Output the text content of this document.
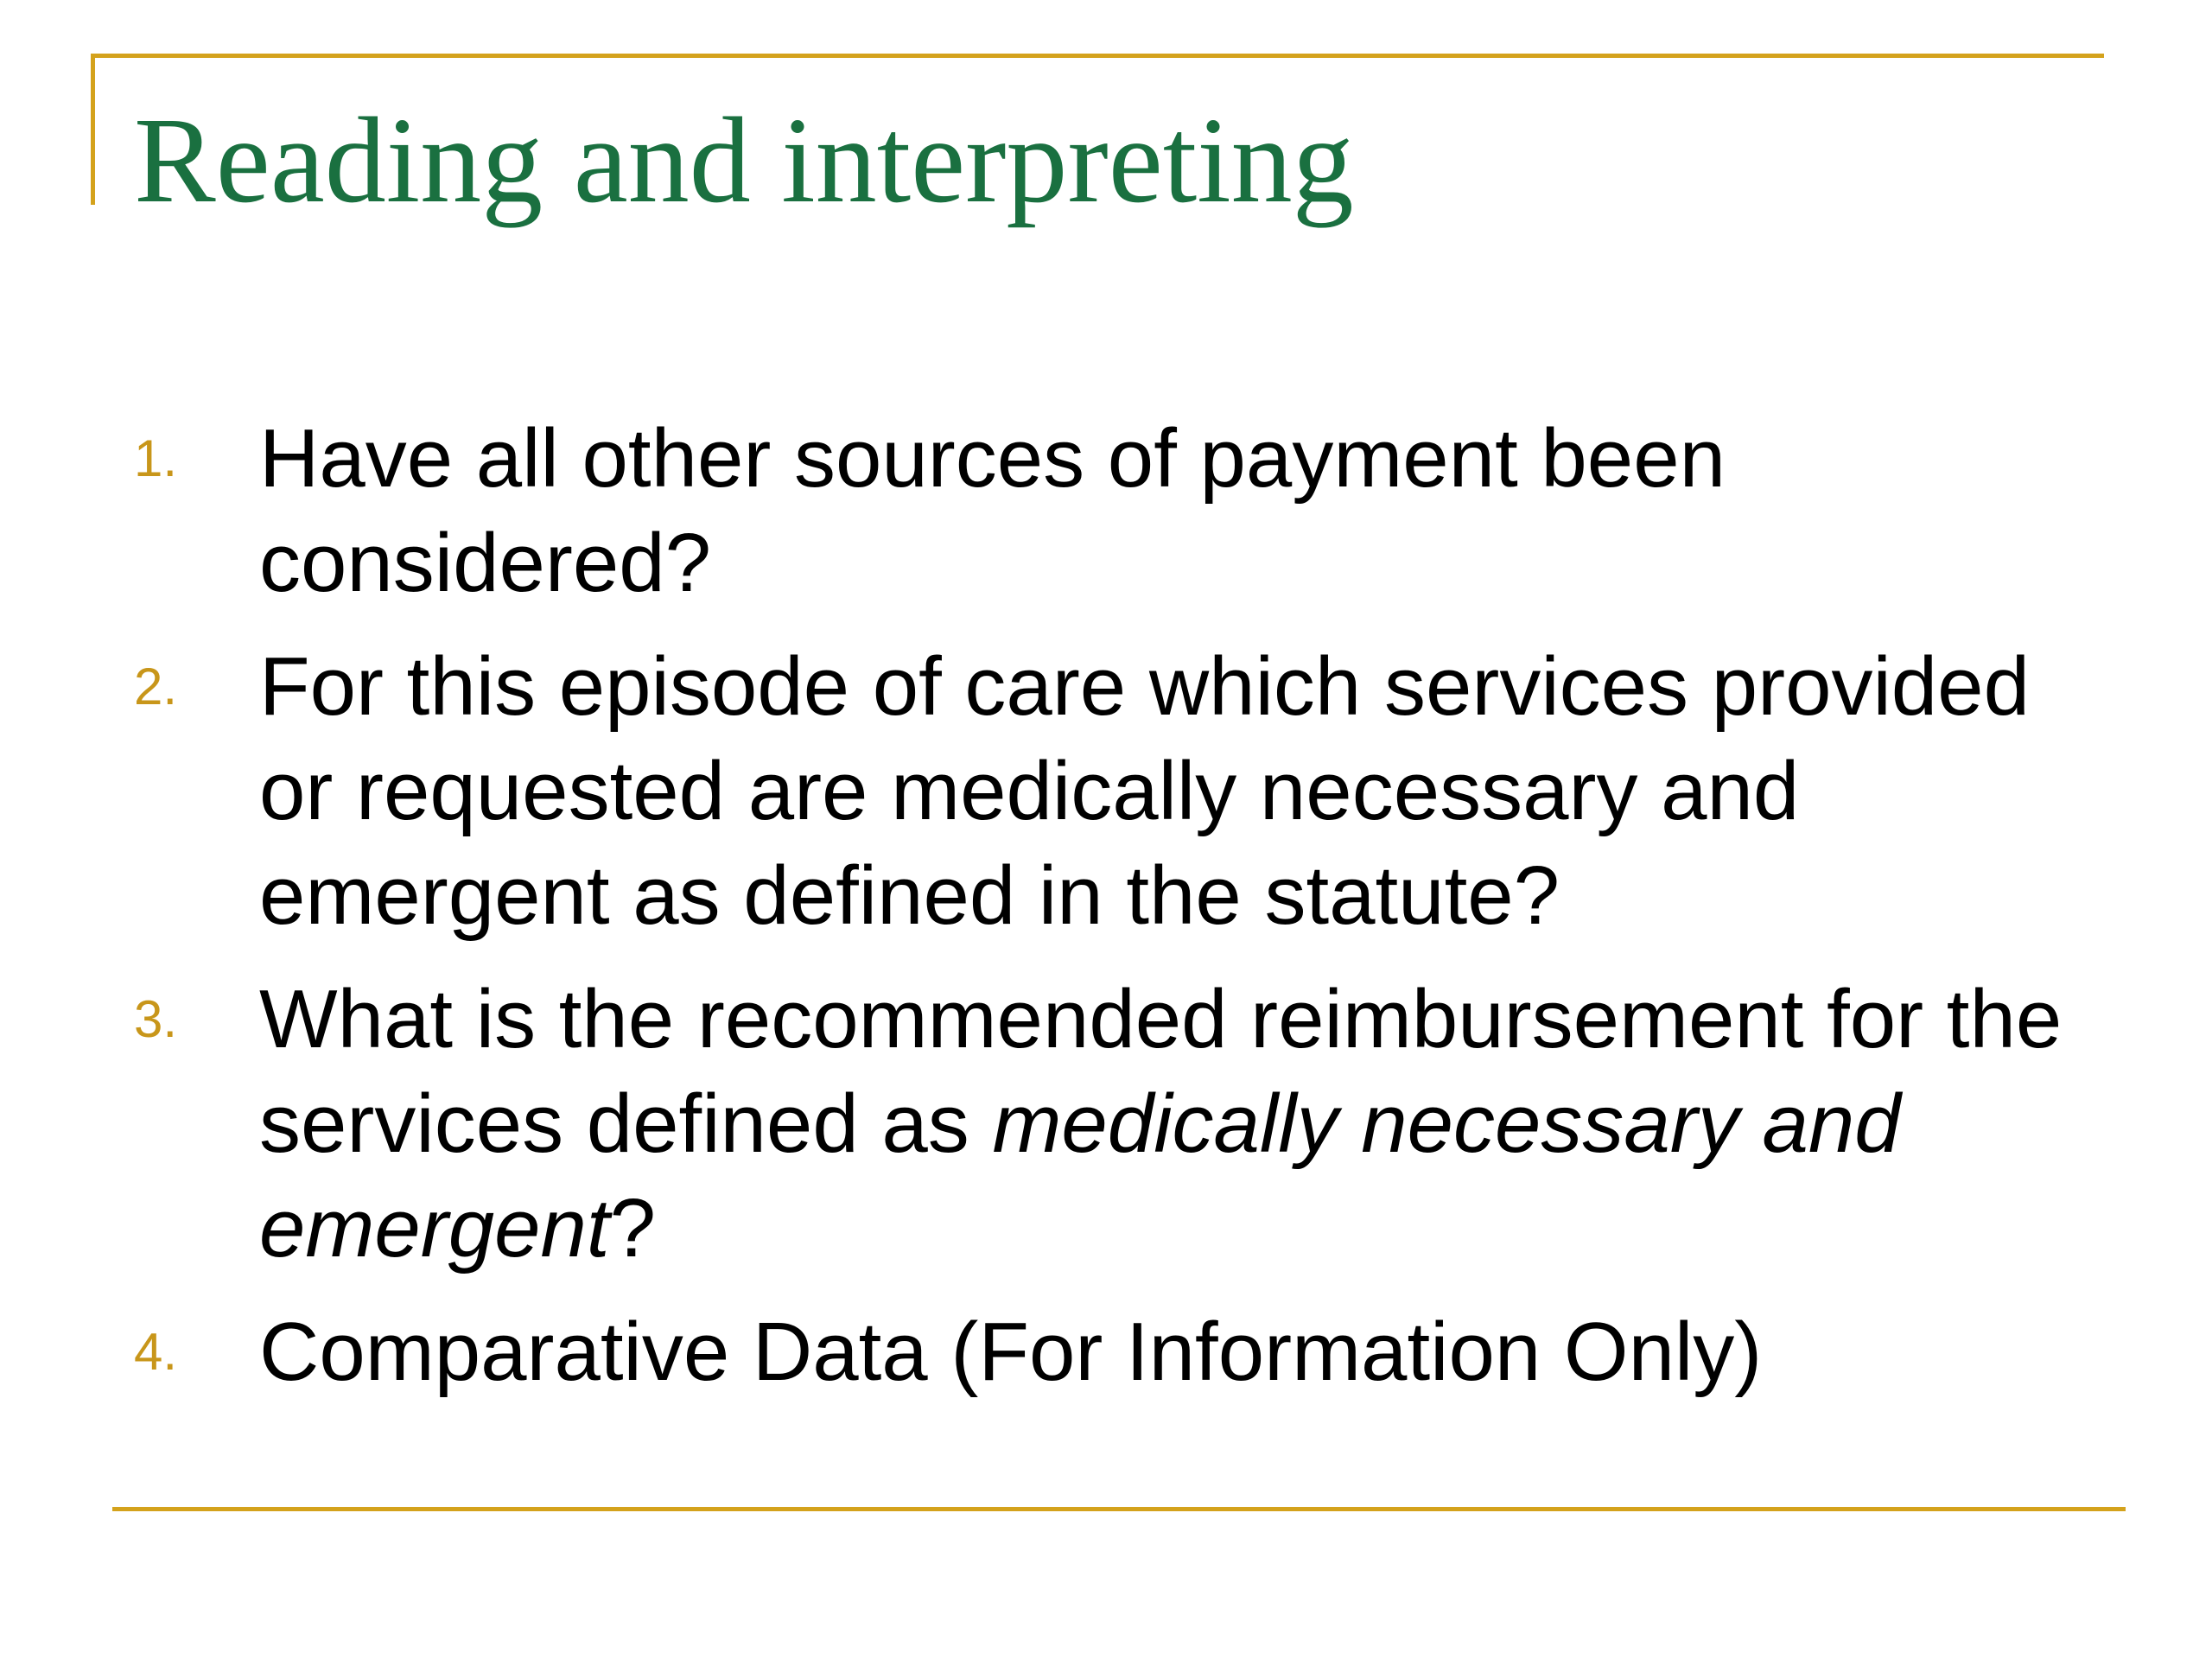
Reading and interpreting
1. Have all other sources of payment been considered?
2. For this episode of care which services provided or requested are medically necessary and emergent as defined in the statute?
3. What is the recommended reimbursement for the services defined as medically necessary and emergent?
4. Comparative Data (For Information Only)
